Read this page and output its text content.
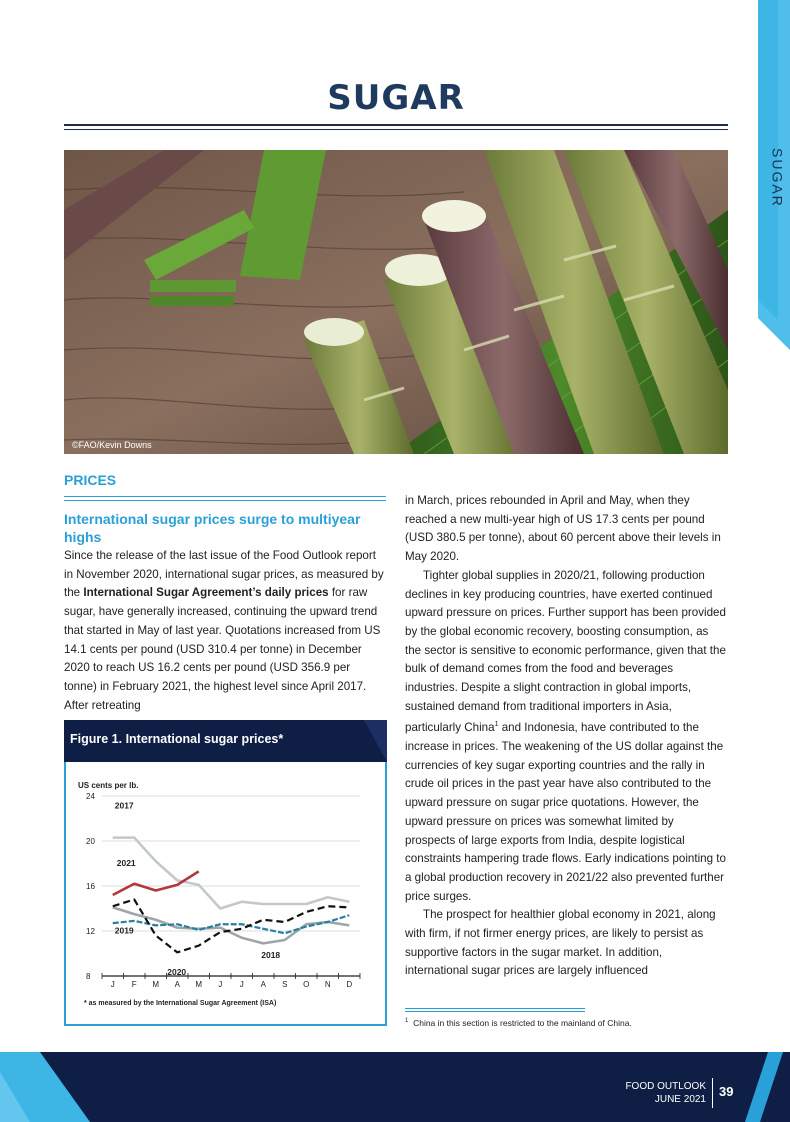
SUGAR
SUGAR
©FAO/Kevin Downs
PRICES
International sugar prices surge to multiyear highs

Since the release of the last issue of the Food Outlook report in November 2020, international sugar prices, as measured by the International Sugar Agreement’s daily prices for raw sugar, have generally increased, continuing the upward trend that started in May of last year. Quotations increased from US 14.1 cents per pound (USD 310.4 per tonne) in December 2020 to reach US 16.2 cents per pound (USD 356.9 per tonne) in February 2021, the highest level since April 2017. After retreating

in March, prices rebounded in April and May, when they reached a new multi-year high of US 17.3 cents per pound (USD 380.5 per tonne), about 60 percent above their levels in May 2020.

Tighter global supplies in 2020/21, following production declines in key producing countries, have exerted continued upward pressure on prices. Further support has been provided by the global economic recovery, boosting consumption, as the sector is sensitive to economic performance, given that the bulk of demand comes from the food and beverages industries. Despite a slight contraction in global imports, sustained demand from traditional importers in Asia, particularly China$^1$ and Indonesia, have contributed to the increase in prices. The weakening of the US dollar against the currencies of key sugar exporting countries and the rally in crude oil prices in the past year have also contributed to the upward pressure on sugar price quotations. However, the upward pressure on prices was somewhat limited by prospects of large exports from India, despite logistical constraints hampering trade flows. Early indications pointing to a global production recovery in 2021/22 also prevented further price surges.

The prospect for healthier global economy in 2021, along with firm, if not firmer energy prices, are likely to persist as supportive factors in the sugar market. In addition, international sugar prices are largely influenced

Figure 1. International sugar prices*
US cents per lb.
8
12
16
20
24
J F M A M J J A S O N D
2017
2021
2019
2020
2018
* as measured by the International Sugar Agreement (ISA)
$^1$ China in this section is restricted to the mainland of China.
FOOD OUTLOOK
JUNE 2021
39
